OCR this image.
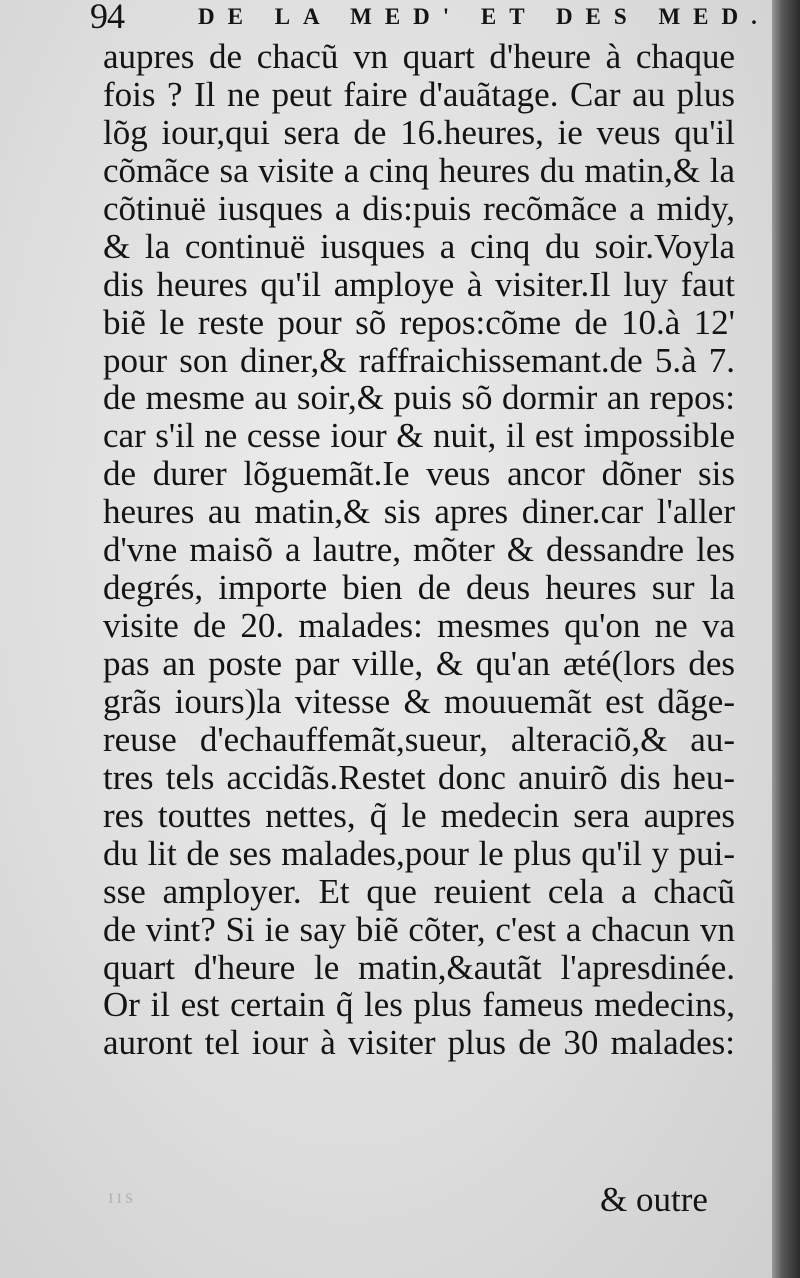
94	DE LA MED' ET DES MED.
aupres de chacũ vn quart d'heure à chaque
fois ? Il ne peut faire d'auãtage. Car au plus
lõg iour,qui sera de 16.heures, ie veus qu'il
cõmãce sa visite a cinq heures du matin,& la
cõtinuë iusques a dis:puis recõmãce a midy,
& la continuë iusques a cinq du soir.Voyla
dis heures qu'il amploye à visiter.Il luy faut
biẽ le reste pour sõ repos:cõme de 10.à 12'
pour son diner,& raffraichissemant.de 5.à 7.
de mesme au soir,& puis sõ dormir an repos:
car s'il ne cesse iour & nuit, il est impossible
de durer lõguemãt.Ie veus ancor dõner sis
heures au matin,& sis apres diner.car l'aller
d'vne maisõ a lautre, mõter & dessandre les
degrés, importe bien de deus heures sur la
visite de 20. malades: mesmes qu'on ne va
pas an poste par ville, & qu'an æté(lors des
grãs iours)la vitesse & mouuemãt est dãge-
reuse d'echauffemãt,sueur, alteraciõ,& au-
tres tels accidãs.Restet donc anuirõ dis heu-
res touttes nettes, q̃ le medecin sera aupres
du lit de ses malades,pour le plus qu'il y pui-
sse amployer. Et que reuient cela a chacũ
de vint? Si ie say biẽ cõter, c'est a chacun vn
quart d'heure le matin,&autãt l'apresdinée.
Or il est certain q̃ les plus fameus medecins,
auront tel iour à visiter plus de 30 malades:
ɪɪs	& outre
